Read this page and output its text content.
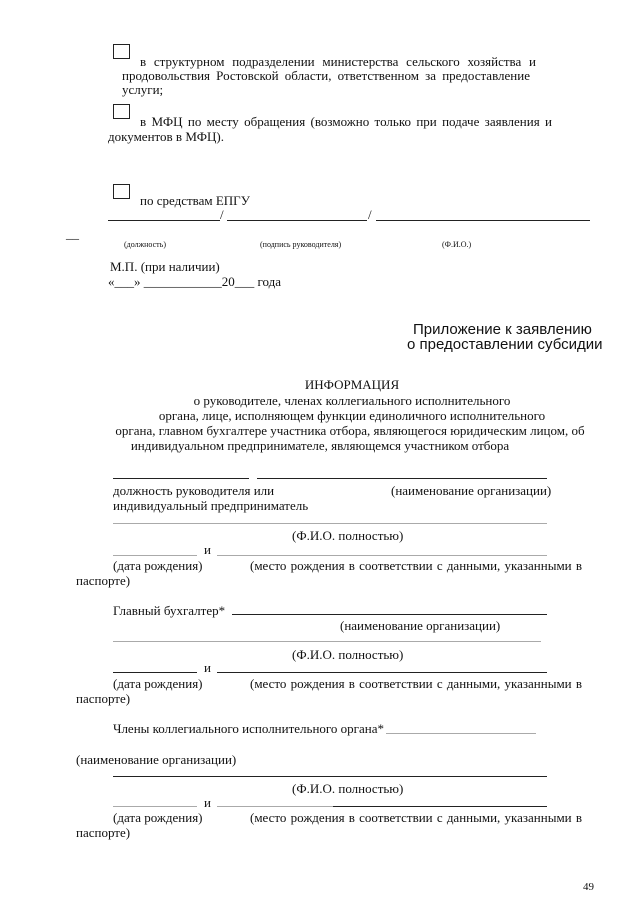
в структурном подразделении министерства сельского хозяйства и
продовольствия Ростовской области, ответственном за предоставление
услуги;
в МФЦ по месту обращения (возможно только при подаче заявления и
документов в МФЦ).
по средствам ЕПГУ
/	/
__
(должность)	(подпись руководителя)	(Ф.И.О.)
М.П. (при наличии)
«___» ____________20___ года
Приложение к заявлению
о предоставлении субсидии
ИНФОРМАЦИЯ
о руководителе, членах коллегиального исполнительного
органа, лице, исполняющем функции единоличного исполнительного
органа, главном бухгалтере участника отбора, являющегося юридическим лицом, об
индивидуальном предпринимателе, являющемся участником отбора
должность руководителя или	(наименование организации)
индивидуальный предприниматель
(Ф.И.О. полностью)
и
(дата рождения)	(место рождения в соответствии с данными, указанными в
паспорте)
Главный бухгалтер*
(наименование организации)
(Ф.И.О. полностью)
и
(дата рождения)	(место рождения в соответствии с данными, указанными в
паспорте)
Члены коллегиального исполнительного органа*
(наименование организации)
(Ф.И.О. полностью)
и
(дата рождения)	(место рождения в соответствии с данными, указанными в
паспорте)
49
